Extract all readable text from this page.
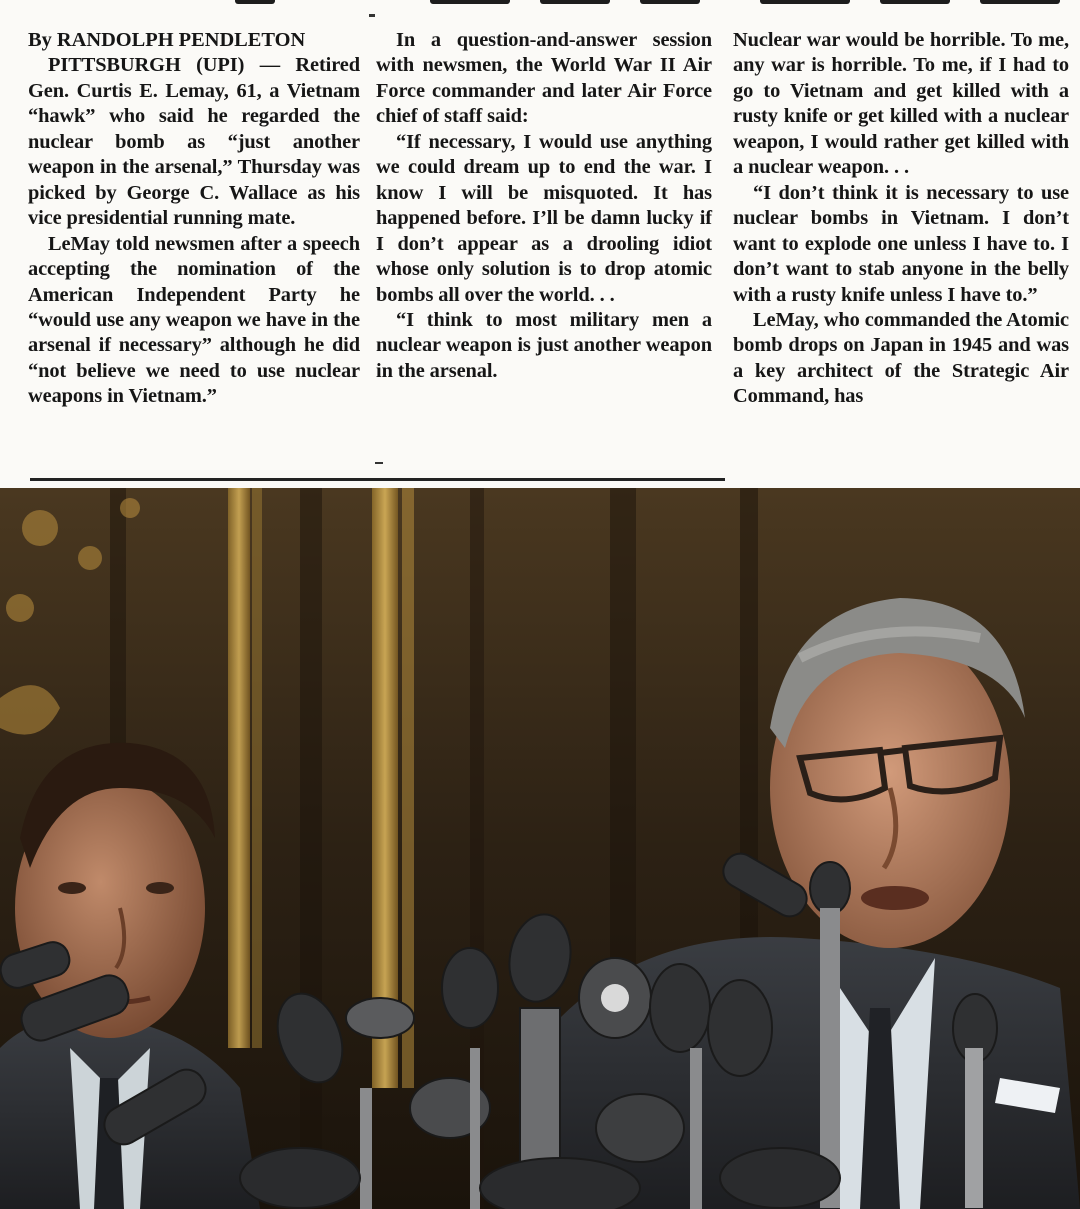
By RANDOLPH PENDLETON

PITTSBURGH (UPI) — Retired Gen. Curtis E. Lemay, 61, a Vietnam “hawk” who said he regarded the nuclear bomb as “just another weapon in the arsenal,” Thursday was picked by George C. Wallace as his vice presidential running mate.

LeMay told newsmen after a speech accepting the nomination of the American Independent Party he “would use any weapon we have in the arsenal if necessary” although he did “not believe we need to use nuclear weapons in Vietnam.”

In a question-and-answer session with newsmen, the World War II Air Force commander and later Air Force chief of staff said:

“If necessary, I would use anything we could dream up to end the war. I know I will be misquoted. It has happened before. I’ll be damn lucky if I don’t appear as a drooling idiot whose only solution is to drop atomic bombs all over the world. . .

“I think to most military men a nuclear weapon is just another weapon in the arsenal.

Nuclear war would be horrible. To me, any war is horrible. To me, if I had to go to Vietnam and get killed with a rusty knife or get killed with a nuclear weapon, I would rather get killed with a nuclear weapon. . .

“I don’t think it is necessary to use nuclear bombs in Vietnam. I don’t want to explode one unless I have to. I don’t want to stab anyone in the belly with a rusty knife unless I have to.”

LeMay, who commanded the Atomic bomb drops on Japan in 1945 and was a key architect of the Strategic Air Command, has
